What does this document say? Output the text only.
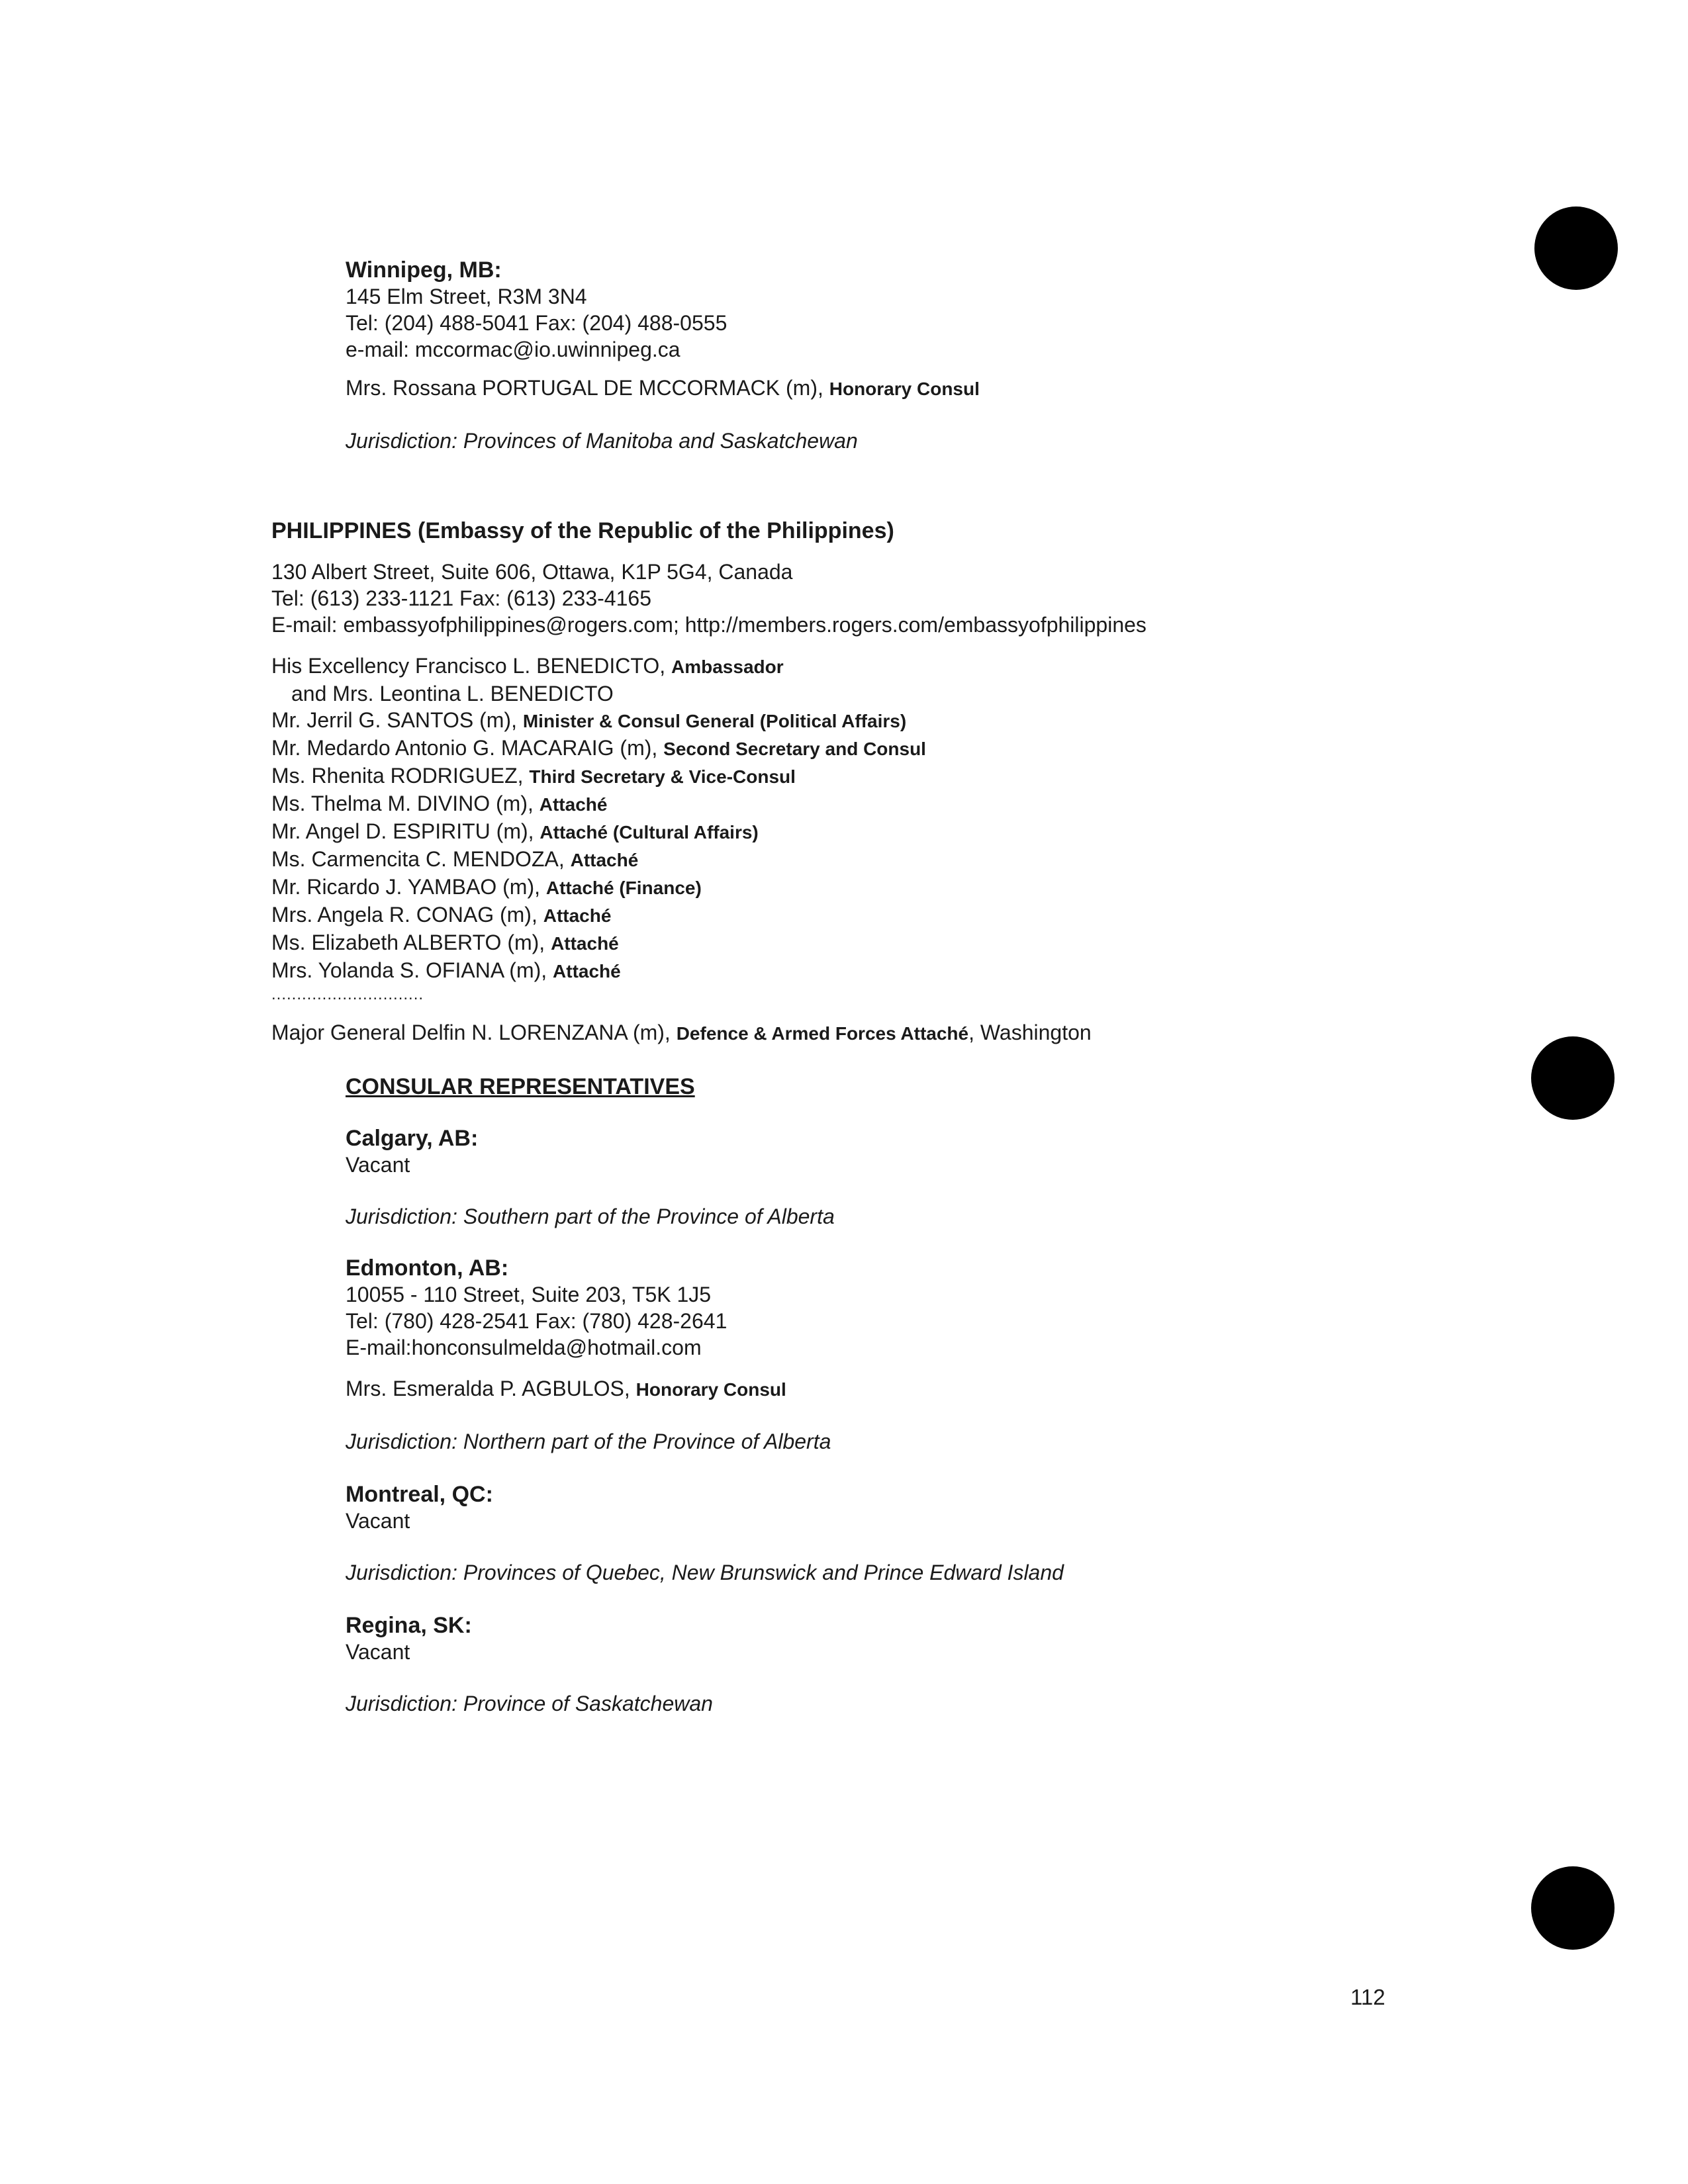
Winnipeg, MB:
145 Elm Street, R3M 3N4
Tel: (204) 488-5041 Fax: (204) 488-0555
e-mail: mccormac@io.uwinnipeg.ca
Mrs. Rossana PORTUGAL DE MCCORMACK (m), Honorary Consul
Jurisdiction: Provinces of Manitoba and Saskatchewan
PHILIPPINES (Embassy of the Republic of the Philippines)
130 Albert Street, Suite 606, Ottawa, K1P 5G4, Canada
Tel: (613) 233-1121 Fax: (613) 233-4165
E-mail: embassyofphilippines@rogers.com; http://members.rogers.com/embassyofphilippines
His Excellency Francisco L. BENEDICTO, Ambassador
and Mrs. Leontina L. BENEDICTO
Mr. Jerril G. SANTOS (m), Minister & Consul General (Political Affairs)
Mr. Medardo Antonio G. MACARAIG (m), Second Secretary and Consul
Ms. Rhenita RODRIGUEZ, Third Secretary & Vice-Consul
Ms. Thelma M. DIVINO (m), Attaché
Mr. Angel D. ESPIRITU (m), Attaché (Cultural Affairs)
Ms. Carmencita C. MENDOZA, Attaché
Mr. Ricardo J. YAMBAO (m), Attaché (Finance)
Mrs. Angela R. CONAG (m), Attaché
Ms. Elizabeth ALBERTO (m), Attaché
Mrs. Yolanda S. OFIANA (m), Attaché
..............................
Major General Delfin N. LORENZANA (m), Defence & Armed Forces Attaché, Washington
CONSULAR REPRESENTATIVES
Calgary, AB:
Vacant
Jurisdiction: Southern part of the Province of Alberta
Edmonton, AB:
10055 - 110 Street, Suite 203, T5K 1J5
Tel: (780) 428-2541 Fax: (780) 428-2641
E-mail:honconsulmelda@hotmail.com
Mrs. Esmeralda P. AGBULOS, Honorary Consul
Jurisdiction: Northern part of the Province of Alberta
Montreal, QC:
Vacant
Jurisdiction: Provinces of Quebec, New Brunswick and Prince Edward Island
Regina, SK:
Vacant
Jurisdiction: Province of Saskatchewan
112
